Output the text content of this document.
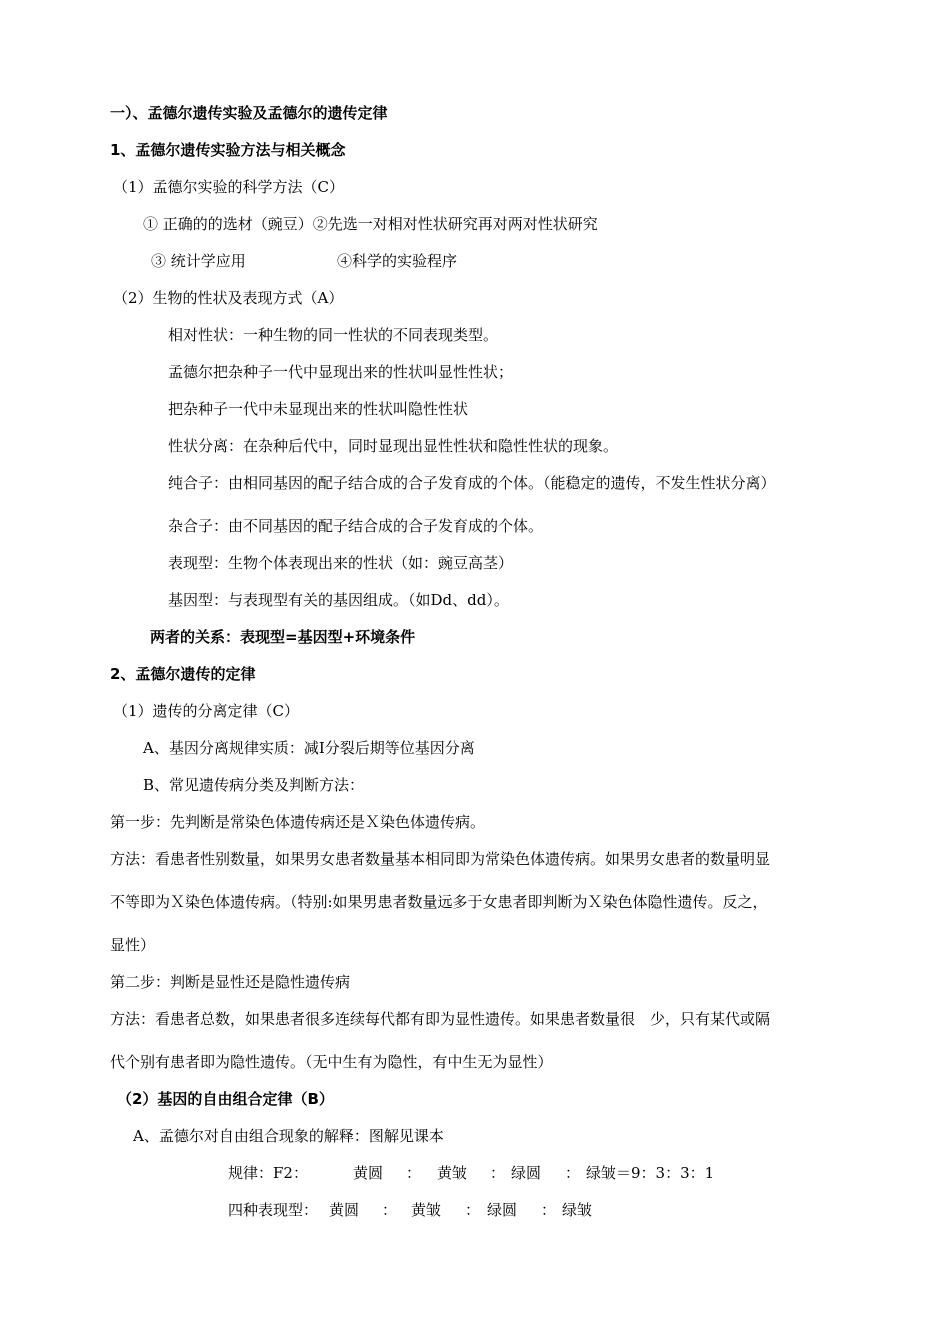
一）、孟德尔遗传实验及孟德尔的遗传定律
1、孟德尔遗传实验方法与相关概念
（1）孟德尔实验的科学方法（C）
① 正确的的选材（豌豆）②先选一对相对性状研究再对两对性状研究
③ 统计学应用	④科学的实验程序
（2）生物的性状及表现方式（A）
相对性状：一种生物的同一性状的不同表现类型。
孟德尔把杂种子一代中显现出来的性状叫显性性状；
把杂种子一代中未显现出来的性状叫隐性性状
性状分离：在杂种后代中，同时显现出显性性状和隐性性状的现象。
纯合子：由相同基因的配子结合成的合子发育成的个体。（能稳定的遗传，不发生性状分离）
杂合子：由不同基因的配子结合成的合子发育成的个体。
表现型：生物个体表现出来的性状（如：豌豆高茎）
基因型：与表现型有关的基因组成。（如Dd、dd）。
两者的关系：表现型=基因型+环境条件
2、孟德尔遗传的定律
（1）遗传的分离定律（C）
A、基因分离规律实质：减Ⅰ分裂后期等位基因分离
B、常见遗传病分类及判断方法：
第一步：先判断是常染色体遗传病还是Ｘ染色体遗传病。
方法：看患者性别数量，如果男女患者数量基本相同即为常染色体遗传病。如果男女患者的数量明显
不等即为Ｘ染色体遗传病。（特别:如果男患者数量远多于女患者即判断为Ｘ染色体隐性遗传。反之，
显性）
第二步：判断是显性还是隐性遗传病
方法：看患者总数，如果患者很多连续每代都有即为显性遗传。如果患者数量很　少，只有某代或隔
代个别有患者即为隐性遗传。（无中生有为隐性，有中生无为显性）
（2）基因的自由组合定律（B）
A、孟德尔对自由组合现象的解释：图解见课本
规律：F2：	黄圆 ： 黄皱 ： 绿圆 ： 绿皱＝9：3：3：1
四种表现型： 黄圆 ： 黄皱 ： 绿圆 ： 绿皱
